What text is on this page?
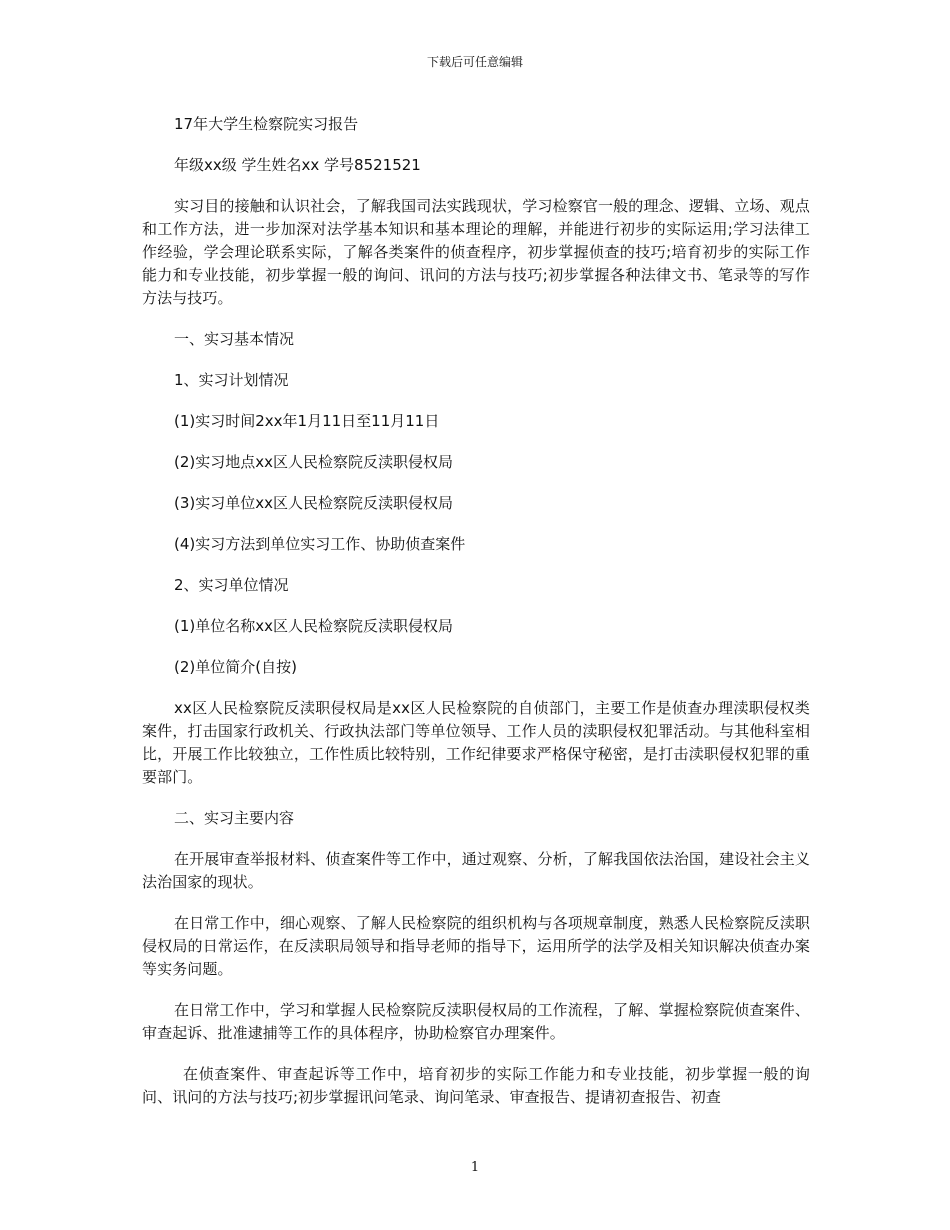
下载后可任意编辑
17年大学生检察院实习报告
年级xx级 学生姓名xx 学号8521521
实习目的接触和认识社会，了解我国司法实践现状，学习检察官一般的理念、逻辑、立场、观点和工作方法，进一步加深对法学基本知识和基本理论的理解，并能进行初步的实际运用;学习法律工作经验，学会理论联系实际，了解各类案件的侦查程序，初步掌握侦查的技巧;培育初步的实际工作能力和专业技能，初步掌握一般的询问、讯问的方法与技巧;初步掌握各种法律文书、笔录等的写作方法与技巧。
一、实习基本情况
1、实习计划情况
(1)实习时间2xx年1月11日至11月11日
(2)实习地点xx区人民检察院反渎职侵权局
(3)实习单位xx区人民检察院反渎职侵权局
(4)实习方法到单位实习工作、协助侦查案件
2、实习单位情况
(1)单位名称xx区人民检察院反渎职侵权局
(2)单位简介(自按)
xx区人民检察院反渎职侵权局是xx区人民检察院的自侦部门，主要工作是侦查办理渎职侵权类案件，打击国家行政机关、行政执法部门等单位领导、工作人员的渎职侵权犯罪活动。与其他科室相比，开展工作比较独立，工作性质比较特别，工作纪律要求严格保守秘密，是打击渎职侵权犯罪的重要部门。
二、实习主要内容
在开展审查举报材料、侦查案件等工作中，通过观察、分析，了解我国依法治国，建设社会主义法治国家的现状。
在日常工作中，细心观察、了解人民检察院的组织机构与各项规章制度，熟悉人民检察院反渎职侵权局的日常运作，在反渎职局领导和指导老师的指导下，运用所学的法学及相关知识解决侦查办案等实务问题。
在日常工作中，学习和掌握人民检察院反渎职侵权局的工作流程，了解、掌握检察院侦查案件、审查起诉、批准逮捕等工作的具体程序，协助检察官办理案件。
在侦查案件、审查起诉等工作中，培育初步的实际工作能力和专业技能，初步掌握一般的询问、讯问的方法与技巧;初步掌握讯问笔录、询问笔录、审查报告、提请初查报告、初查
1
